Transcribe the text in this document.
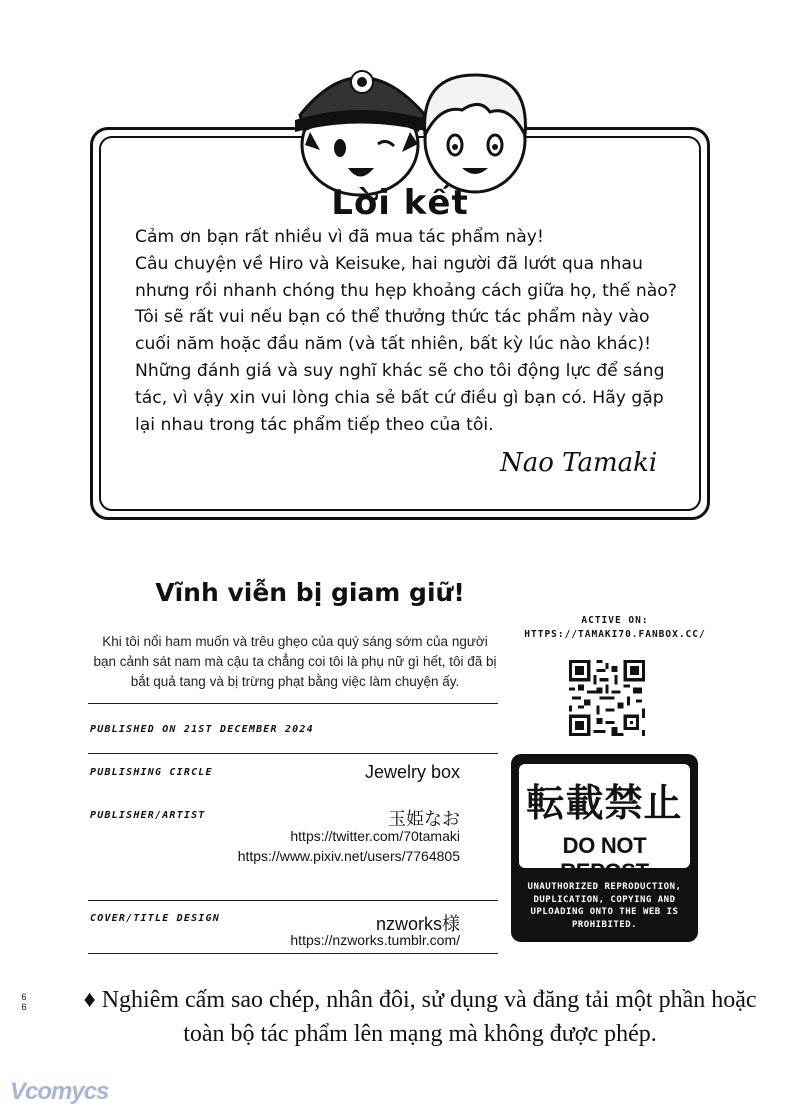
Lời kết

Cảm ơn bạn rất nhiều vì đã mua tác phẩm này!

Câu chuyện về Hiro và Keisuke, hai người đã lướt qua nhau

nhưng rồi nhanh chóng thu hẹp khoảng cách giữa họ, thế nào?

Tôi sẽ rất vui nếu bạn có thể thưởng thức tác phẩm này vào

cuối năm hoặc đầu năm (và tất nhiên, bất kỳ lúc nào khác)!

Những đánh giá và suy nghĩ khác sẽ cho tôi động lực để sáng

tác, vì vậy xin vui lòng chia sẻ bất cứ điều gì bạn có. Hãy gặp

lại nhau trong tác phẩm tiếp theo của tôi.

Nao Tamaki
Vĩnh viễn bị giam giữ!
Khi tôi nổi ham muốn và trêu ghẹo của quý sáng sớm của người bạn cảnh sát nam mà cậu ta chẳng coi tôi là phụ nữ gì hết, tôi đã bị bắt quả tang và bị trừng phạt bằng việc làm chuyện ấy.
PUBLISHED ON 21ST DECEMBER 2024
PUBLISHING CIRCLE	Jewelry box
PUBLISHER/ARTIST	玉姫なお
https://twitter.com/70tamaki
https://www.pixiv.net/users/7764805
COVER/TITLE DESIGN	nzworks様
https://nzworks.tumblr.com/
ACTIVE ON:
HTTPS://TAMAKI70.FANBOX.CC/
転載禁止
DO NOT REPOST
UNAUTHORIZED REPRODUCTION, DUPLICATION, COPYING AND UPLOADING ONTO THE WEB IS PROHIBITED.
6
6 ♦ Nghiêm cấm sao chép, nhân đôi, sử dụng và đăng tải một phần hoặc toàn bộ tác phẩm lên mạng mà không được phép.
Vcomycs
